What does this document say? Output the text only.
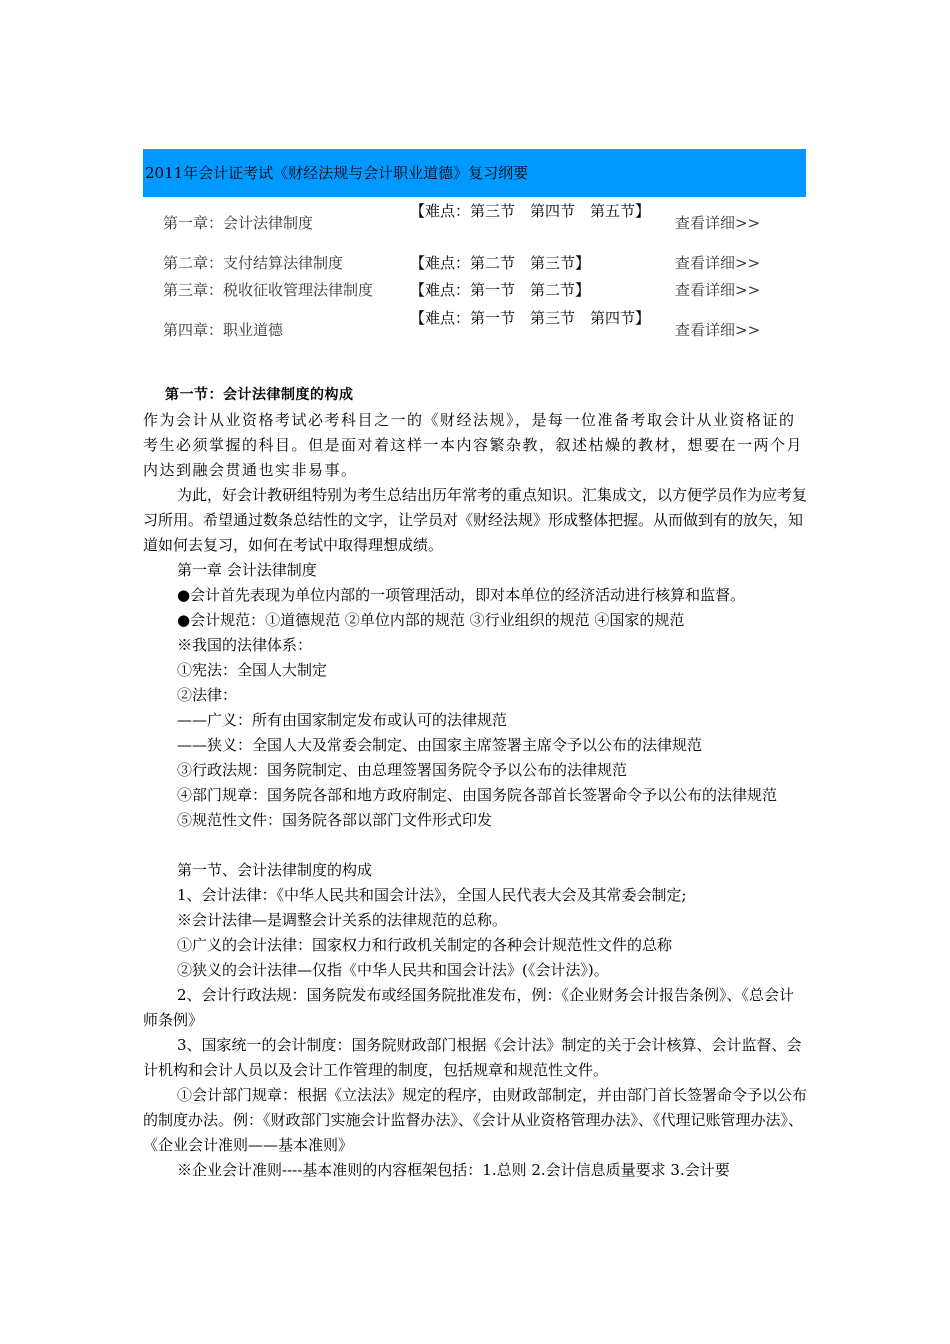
2011年会计证考试《财经法规与会计职业道德》复习纲要
第一章：会计法律制度
【难点：第三节　第四节　第五节】
查看详细>>
第二章：支付结算法律制度	【难点：第二节　第三节】	查看详细>>
第三章：税收征收管理法律制度 【难点：第一节　第二节】	查看详细>>
第四章：职业道德
【难点：第一节　第三节　第四节】
查看详细>>

第一节：会计法律制度的构成

作为会计从业资格考试必考科目之一的《财经法规》，是每一位准备考取会计从业资格证的考生必须掌握的科目。但是面对着这样一本内容繁杂教，叙述枯燥的教材，想要在一两个月内达到融会贯通也实非易事。

为此，好会计教研组特别为考生总结出历年常考的重点知识。汇集成文，以方便学员作为应考复习所用。希望通过数条总结性的文字，让学员对《财经法规》形成整体把握。从而做到有的放矢，知道如何去复习，如何在考试中取得理想成绩。

第一章 会计法律制度

●会计首先表现为单位内部的一项管理活动，即对本单位的经济活动进行核算和监督。

●会计规范：①道德规范 ②单位内部的规范 ③行业组织的规范 ④国家的规范

※我国的法律体系：

①宪法：全国人大制定

②法律：

——广义：所有由国家制定发布或认可的法律规范

——狭义：全国人大及常委会制定、由国家主席签署主席令予以公布的法律规范

③行政法规：国务院制定、由总理签署国务院令予以公布的法律规范

④部门规章：国务院各部和地方政府制定、由国务院各部首长签署命令予以公布的法律规范

⑤规范性文件：国务院各部以部门文件形式印发

第一节、会计法律制度的构成

1、会计法律：《中华人民共和国会计法》，全国人民代表大会及其常委会制定;

※会计法律—是调整会计关系的法律规范的总称。

①广义的会计法律：国家权力和行政机关制定的各种会计规范性文件的总称

②狭义的会计法律—仅指《中华人民共和国会计法》(《会计法》)。

2、会计行政法规：国务院发布或经国务院批准发布，例：《企业财务会计报告条例》、《总会计师条例》

3、国家统一的会计制度：国务院财政部门根据《会计法》制定的关于会计核算、会计监督、会计机构和会计人员以及会计工作管理的制度，包括规章和规范性文件。

①会计部门规章：根据《立法法》规定的程序，由财政部制定，并由部门首长签署命令予以公布的制度办法。例：《财政部门实施会计监督办法》、《会计从业资格管理办法》、《代理记账管理办法》、《企业会计准则——基本准则》

※企业会计准则----基本准则的内容框架包括：1.总则 2.会计信息质量要求 3.会计要
